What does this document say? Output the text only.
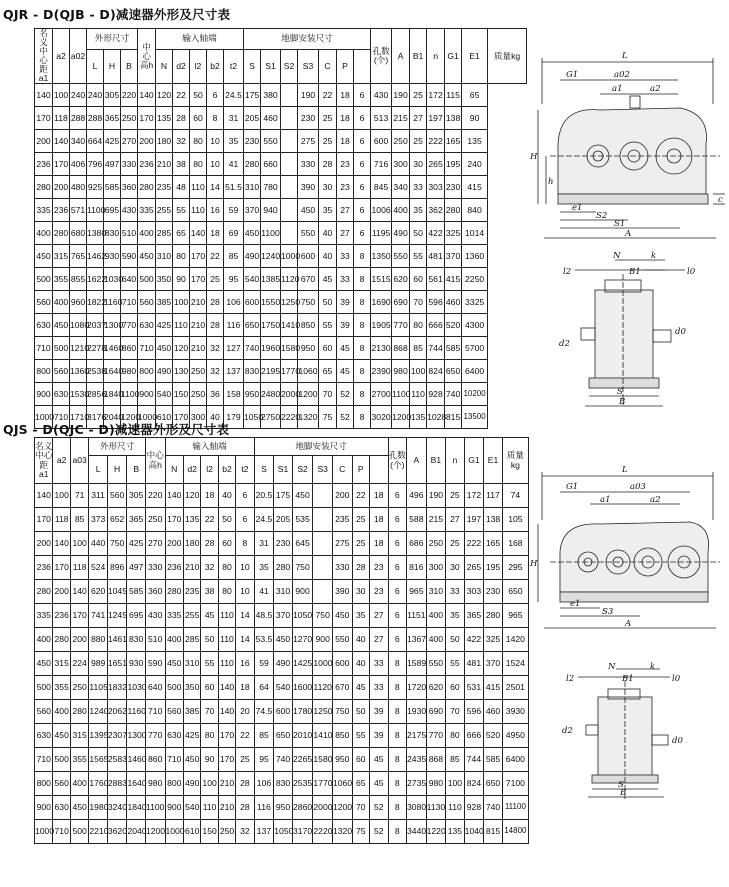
QJR - D(QJB - D)减速器外形及尺寸表
名义中心距a1	a2	a02	外形尺寸			中心高h	输入轴端					地脚安装尺寸							孔数(个)	A	B1	n	G1	E1	质量kg
			L	H	B		N	d2	l2	b2	t2	S	S1	S2	S3	C	P								
140	100	240	240	305	220	140	120	22	50	6	24.5	175	380		190	22	18	6	430	190	25	172	115	65	
170	118	288	288	365	250	170	135	28	60	8	31	205	460		230	25	18	6	513	215	27	197	138	90	
200	140	340	664	425	270	200	180	32	80	10	35	230	550		275	25	18	6	600	250	25	222	165	135	
236	170	406	796	497	330	236	210	38	80	10	41	280	660		330	28	23	6	716	300	30	265	195	240	
280	200	480	925	585	360	280	235	48	110	14	51.5	310	780		390	30	23	6	845	340	33	303	230	415	
335	236	571	1100	695	430	335	255	55	110	16	59	370	940		450	35	27	6	1006	400	35	362	280	840	
400	280	680	1380	830	510	400	285	65	140	18	69	450	1100		550	40	27	6	1195	490	50	422	325	1014	
450	315	765	1462	930	590	450	310	80	170	22	85	490	1240	1000	600	40	33	8	1350	550	55	481	370	1360	
500	355	855	1622	1030	640	500	350	90	170	25	95	540	1385	1120	670	45	33	8	1515	620	60	561	415	2250	
560	400	960	1822	1160	710	560	385	100	210	28	106	600	1550	1250	750	50	39	8	1690	690	70	596	460	3325	
630	450	1080	2037	1300	770	630	425	110	210	28	116	650	1750	1410	850	55	39	8	1905	770	80	666	520	4300	
710	500	1210	2278	1460	860	710	450	120	210	32	127	740	1960	1580	950	60	45	8	2130	868	85	744	585	5700	
800	560	1360	2538	1640	980	800	490	130	250	32	137	830	2195	1770	1060	65	45	8	2390	980	100	824	650	6400	
900	630	1530	2856	1840	1100	900	540	150	250	36	158	950	2480	2000	1200	70	52	8	2700	1100	110	928	740	10200	
1000	710	1710	3176	2040	1200	1000	610	170	300	40	179	1050	2750	2220	1320	75	52	8	3020	1200	135	1028	815	13500	
QJS - D(QJC - D)减速器外形及尺寸表
名义中心距a1	a2	a03	外形尺寸			中心高h	输入轴端					地脚安装尺寸							孔数(个)	A	B1	n	G1	E1	质量kg
			L	H	B		N	d2	l2	b2	t2	S	S1	S2	S3	C	P								
140	100	71	311	560	305	220	140	120	18	40	6	20.5	175	450		200	22	18	6	496	190	25	172	117	74
170	118	85	373	652	365	250	170	135	22	50	6	24.5	205	535		235	25	18	6	588	215	27	197	138	105
200	140	100	440	750	425	270	200	180	28	60	8	31	230	645		275	25	18	6	686	250	25	222	165	168
236	170	118	524	896	497	330	236	210	32	80	10	35	280	750		330	28	23	6	816	300	30	265	195	295
280	200	140	620	1045	585	360	280	235	38	80	10	41	310	900		390	30	23	6	965	310	33	303	230	650
335	236	170	741	1245	695	430	335	255	45	110	14	48.5	370	1050	750	450	35	27	6	1151	400	35	365	280	965
400	280	200	880	1461	830	510	400	285	50	110	14	53.5	450	1270	900	550	40	27	6	1367	400	50	422	325	1420
450	315	224	989	1651	930	590	450	310	55	110	16	59	490	1425	1000	600	40	33	8	1589	550	55	481	370	1524
500	355	250	1105	1832	1030	640	500	350	60	140	18	64	540	1600	1120	670	45	33	8	1720	620	60	531	415	2501
560	400	280	1240	2062	1160	710	560	385	70	140	20	74.5	600	1780	1250	750	50	39	8	1930	690	70	596	460	3930
630	450	315	1395	2307	1300	770	630	425	80	170	22	85	650	2010	1410	850	55	39	8	2175	770	80	666	520	4950
710	500	355	1565	2583	1460	860	710	450	90	170	25	95	740	2265	1580	950	60	45	8	2435	868	85	744	585	6400
800	560	400	1760	2883	1640	980	800	490	100	210	28	106	830	2535	1770	1060	65	45	8	2735	980	100	824	650	7100
900	630	450	1980	3240	1840	1100	900	540	110	210	28	116	950	2860	2000	1200	70	52	8	3080	1130	110	928	740	11100
1000	710	500	2210	3620	2040	1200	1000	610	150	250	32	137	1050	3170	2220	1320	75	52	8	3440	1220	135	1040	815	14800
L
G1	a02
a1	a2
H
h
c
e1
S2
S1
A
N	k
l2	B1	l0
d2
d0
S
B
L
G1	a03
a1	a2
H
e1
S3
A
N	k
l2	B1	l0
d2
d0
S
B
